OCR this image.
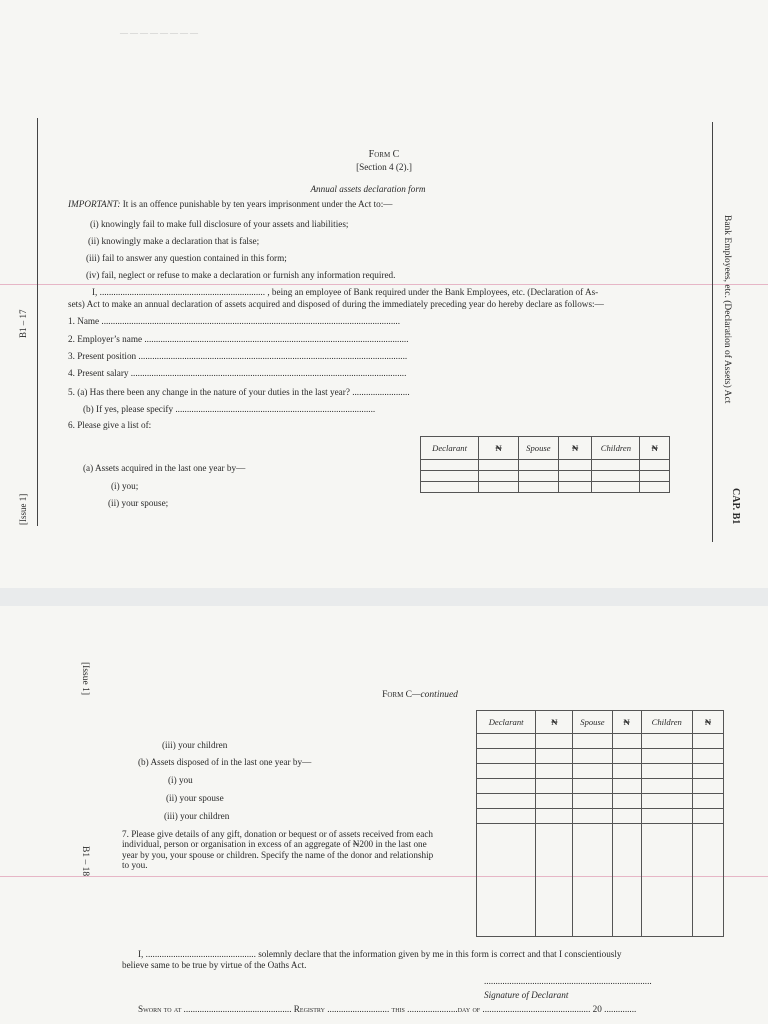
— — — — — — — —
B1 – 17
[Issue 1]
Bank Employees, etc. (Declaration of Assets) Act
CAP. B1
Form C
[Section 4 (2).]
Annual assets declaration form
IMPORTANT: It is an offence punishable by ten years imprisonment under the Act to:—
(i) knowingly fail to make full disclosure of your assets and liabilities;
(ii) knowingly make a declaration that is false;
(iii) fail to answer any question contained in this form;
(iv) fail, neglect or refuse to make a declaration or furnish any information required.
I, ........................................................................ , being an employee of Bank required under the Bank Employees, etc. (Declaration of As-
sets) Act to make an annual declaration of assets acquired and disposed of during the immediately preceding year do hereby declare as follows:—
1. Name ..................................................................................................................................
2. Employer’s name ...................................................................................................................
3. Present position .....................................................................................................................
4. Present salary ........................................................................................................................
5. (a) Has there been any change in the nature of your duties in the last year? .........................
(b) If yes, please specify .......................................................................................
6. Please give a list of:
(a) Assets acquired in the last one year by—
(i) you;
(ii) your spouse;
Declarant	₦	Spouse	₦	Children	₦

[Issue 1]
B1 – 18
Form C—continued
Declarant	₦	Spouse	₦	Children	₦

(iii) your children
(b) Assets disposed of in the last one year by—
(i) you
(ii) your spouse
(iii) your children
7. Please give details of any gift, donation or bequest or of assets received from each
individual, person or organisation in excess of an aggregate of ₦200 in the last one
year by you, your spouse or children. Specify the name of the donor and relationship
to you.
I, ................................................ solemnly declare that the information given by me in this form is correct and that I conscientiously
believe same to be true by virtue of the Oaths Act.
.........................................................................
Signature of Declarant
Sworn to at ............................................... Registry ........................... this ......................day of ............................................... 20 ..............
